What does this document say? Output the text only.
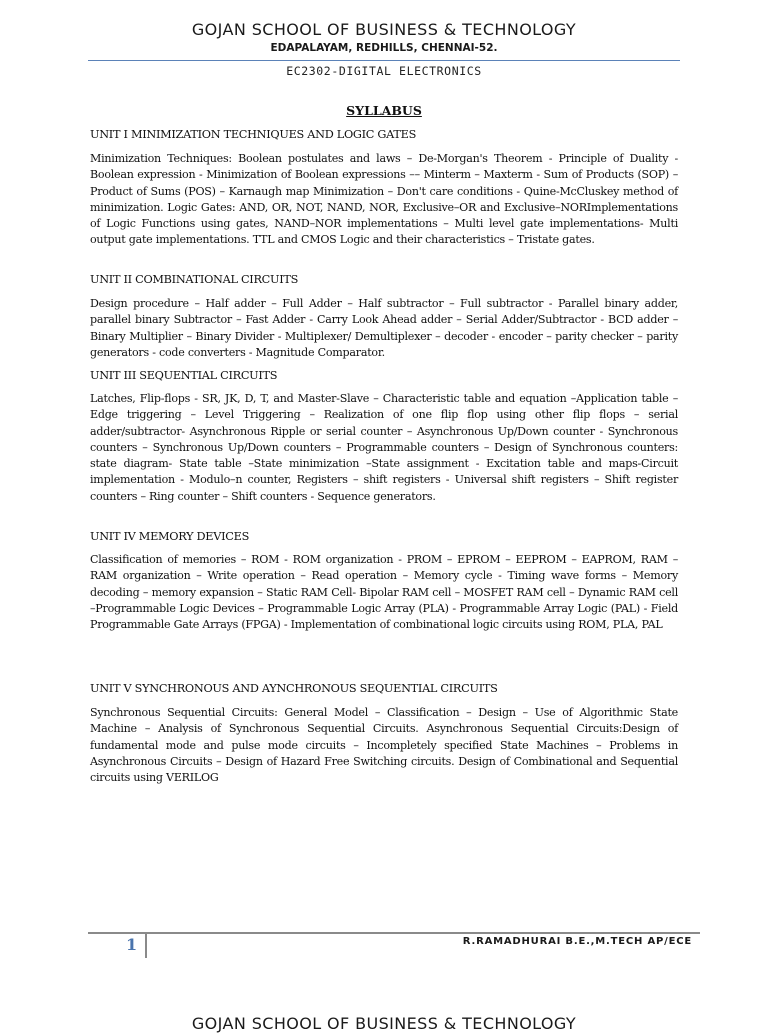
GOJAN SCHOOL OF BUSINESS & TECHNOLOGY
EDAPALAYAM, REDHILLS, CHENNAI-52.
EC2302-DIGITAL ELECTRONICS
SYLLABUS
UNIT I MINIMIZATION TECHNIQUES AND LOGIC GATES
Minimization Techniques: Boolean postulates and laws – De-Morgan's Theorem - Principle of Duality - Boolean expression - Minimization of Boolean expressions –– Minterm – Maxterm - Sum of Products (SOP) – Product of Sums (POS) – Karnaugh map Minimization – Don't care conditions - Quine-McCluskey method of minimization. Logic Gates: AND, OR, NOT, NAND, NOR, Exclusive–OR and Exclusive–NORImplementations of Logic Functions using gates, NAND–NOR implementations – Multi level gate implementations- Multi output gate implementations. TTL and CMOS Logic and their characteristics – Tristate gates.
UNIT II COMBINATIONAL CIRCUITS
Design procedure – Half adder – Full Adder – Half subtractor – Full subtractor - Parallel binary adder, parallel binary Subtractor – Fast Adder - Carry Look Ahead adder – Serial Adder/Subtractor - BCD adder – Binary Multiplier – Binary Divider - Multiplexer/ Demultiplexer – decoder - encoder – parity checker – parity generators - code converters - Magnitude Comparator.
UNIT III SEQUENTIAL CIRCUITS
Latches, Flip-flops - SR, JK, D, T, and Master-Slave – Characteristic table and equation –Application table – Edge triggering – Level Triggering – Realization of one flip flop using other flip flops – serial adder/subtractor- Asynchronous Ripple or serial counter – Asynchronous Up/Down counter - Synchronous counters – Synchronous Up/Down counters – Programmable counters – Design of Synchronous counters: state diagram- State table –State minimization –State assignment - Excitation table and maps-Circuit implementation - Modulo–n counter, Registers – shift registers - Universal shift registers – Shift register counters – Ring counter – Shift counters - Sequence generators.
UNIT IV MEMORY DEVICES
Classification of memories – ROM - ROM organization - PROM – EPROM – EEPROM – EAPROM, RAM – RAM organization – Write operation – Read operation – Memory cycle - Timing wave forms – Memory decoding – memory expansion – Static RAM Cell- Bipolar RAM cell – MOSFET RAM cell – Dynamic RAM cell –Programmable Logic Devices – Programmable Logic Array (PLA) - Programmable Array Logic (PAL) - Field Programmable Gate Arrays (FPGA) - Implementation of combinational logic circuits using ROM, PLA, PAL
UNIT V SYNCHRONOUS AND AYNCHRONOUS SEQUENTIAL CIRCUITS
Synchronous Sequential Circuits: General Model – Classification – Design – Use of Algorithmic State Machine – Analysis of Synchronous Sequential Circuits. Asynchronous Sequential Circuits:Design of fundamental mode and pulse mode circuits – Incompletely specified State Machines – Problems in Asynchronous Circuits – Design of Hazard Free Switching circuits. Design of Combinational and Sequential circuits using VERILOG
1	R.RAMADHURAI B.E.,M.TECH AP/ECE
GOJAN SCHOOL OF BUSINESS & TECHNOLOGY
